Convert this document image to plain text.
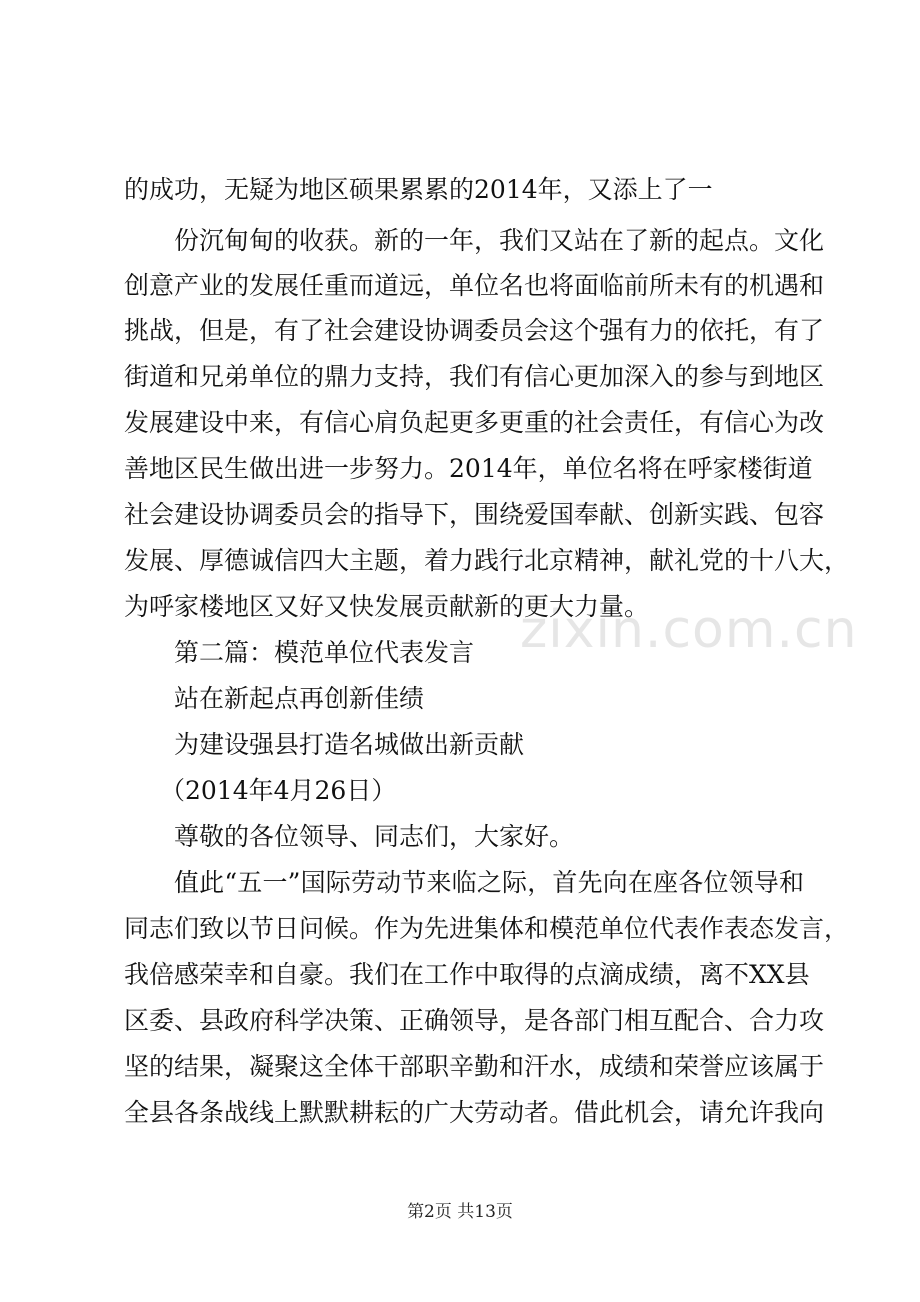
zixin.com.cn
的成功，无疑为地区硕果累累的2014年，又添上了一
份沉甸甸的收获。新的一年，我们又站在了新的起点。文化
创意产业的发展任重而道远，单位名也将面临前所未有的机遇和
挑战，但是，有了社会建设协调委员会这个强有力的依托，有了
街道和兄弟单位的鼎力支持，我们有信心更加深入的参与到地区
发展建设中来，有信心肩负起更多更重的社会责任，有信心为改
善地区民生做出进一步努力。2014年，单位名将在呼家楼街道
社会建设协调委员会的指导下，围绕爱国奉献、创新实践、包容
发展、厚德诚信四大主题，着力践行北京精神，献礼党的十八大，
为呼家楼地区又好又快发展贡献新的更大力量。
第二篇：模范单位代表发言
站在新起点再创新佳绩
为建设强县打造名城做出新贡献
（2014年4月26日）
尊敬的各位领导、同志们，大家好。
值此“五一”国际劳动节来临之际，首先向在座各位领导和
同志们致以节日问候。作为先进集体和模范单位代表作表态发言，
我倍感荣幸和自豪。我们在工作中取得的点滴成绩，离不XX县
区委、县政府科学决策、正确领导，是各部门相互配合、合力攻
坚的结果，凝聚这全体干部职辛勤和汗水，成绩和荣誉应该属于
全县各条战线上默默耕耘的广大劳动者。借此机会，请允许我向
第2页 共13页
